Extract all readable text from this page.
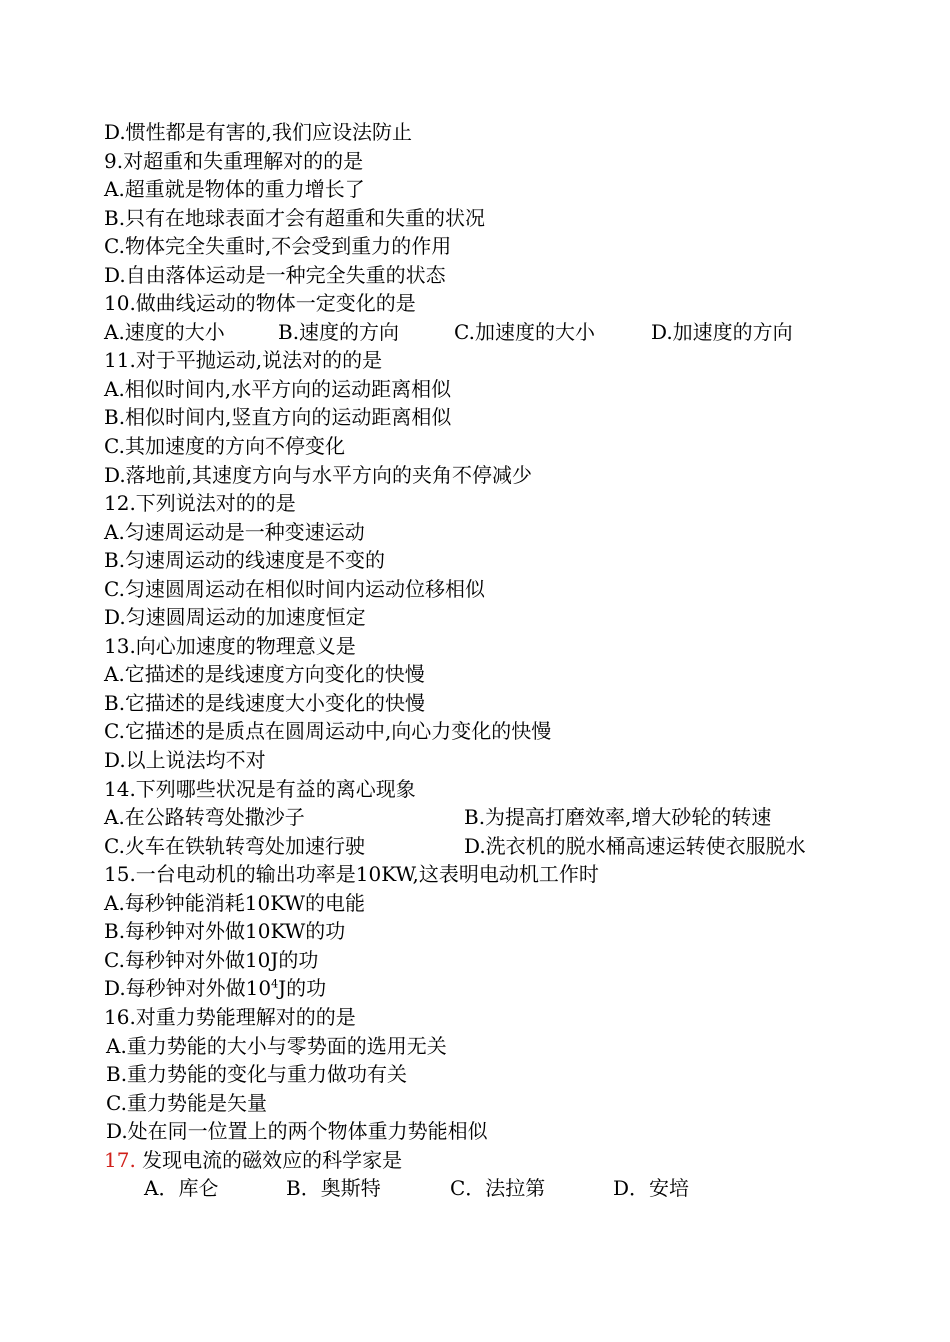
D.惯性都是有害的,我们应设法防止
9.对超重和失重理解对的的是
A.超重就是物体的重力增长了
B.只有在地球表面才会有超重和失重的状况
C.物体完全失重时,不会受到重力的作用
D.自由落体运动是一种完全失重的状态
10.做曲线运动的物体一定变化的是
A.速度的大小	B.速度的方向	C.加速度的大小	D.加速度的方向
11.对于平抛运动,说法对的的是
A.相似时间内,水平方向的运动距离相似
B.相似时间内,竖直方向的运动距离相似
C.其加速度的方向不停变化
D.落地前,其速度方向与水平方向的夹角不停减少
12.下列说法对的的是
A.匀速周运动是一种变速运动
B.匀速周运动的线速度是不变的
C.匀速圆周运动在相似时间内运动位移相似
D.匀速圆周运动的加速度恒定
13.向心加速度的物理意义是
A.它描述的是线速度方向变化的快慢
B.它描述的是线速度大小变化的快慢
C.它描述的是质点在圆周运动中,向心力变化的快慢
D.以上说法均不对
14.下列哪些状况是有益的离心现象
A.在公路转弯处撒沙子	B.为提高打磨效率,增大砂轮的转速
C.火车在铁轨转弯处加速行驶	D.洗衣机的脱水桶高速运转使衣服脱水
15.一台电动机的输出功率是10KW,这表明电动机工作时
A.每秒钟能消耗10KW的电能
B.每秒钟对外做10KW的功
C.每秒钟对外做10J的功
D.每秒钟对外做$10^4J$的功
16.对重力势能理解对的的是
A.重力势能的大小与零势面的选用无关
B.重力势能的变化与重力做功有关
C.重力势能是矢量
D.处在同一位置上的两个物体重力势能相似
17. 发现电流的磁效应的科学家是
A．库仑	B．奥斯特	C．法拉第	D．安培
